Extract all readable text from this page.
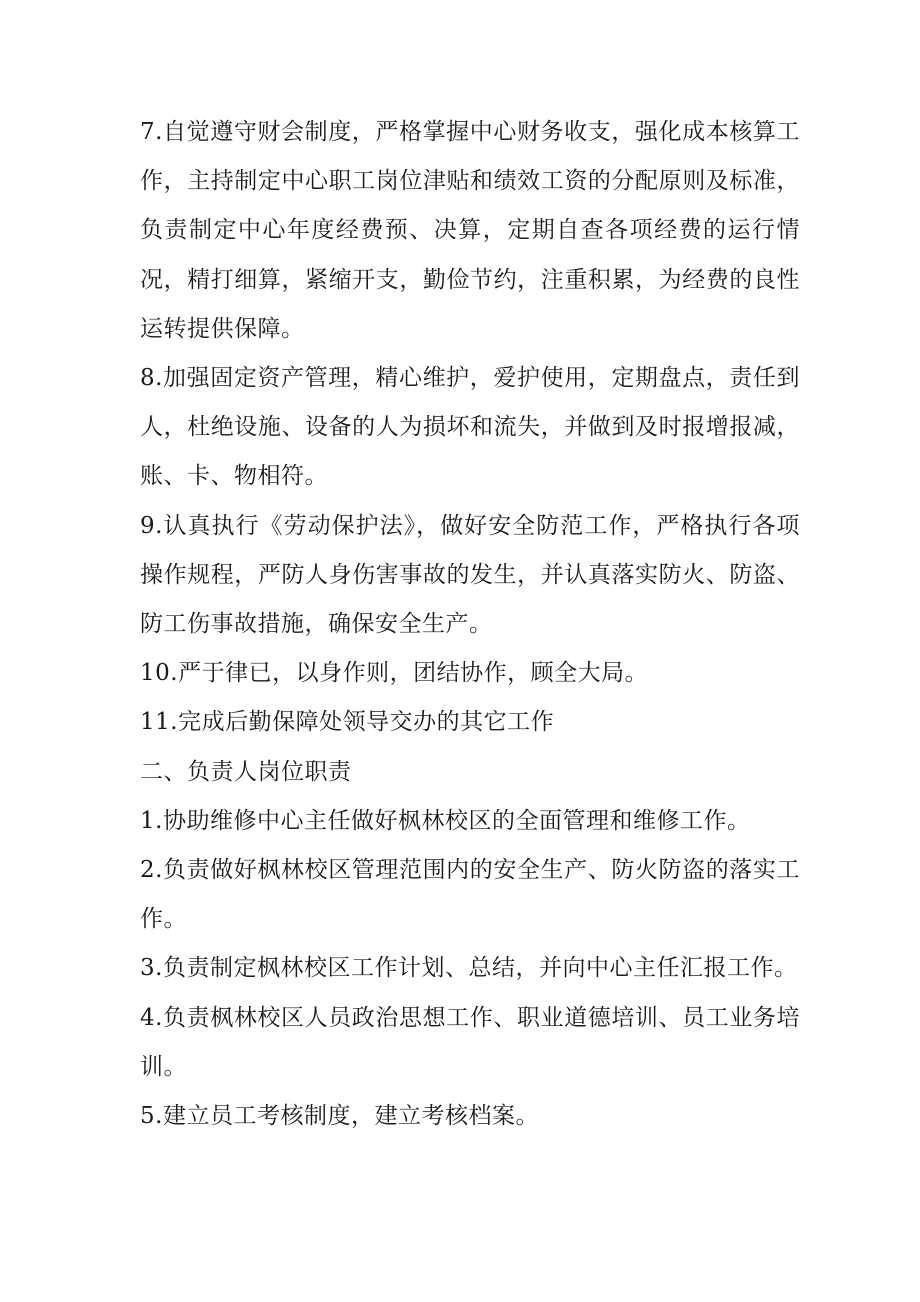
7.自觉遵守财会制度，严格掌握中心财务收支，强化成本核算工作，主持制定中心职工岗位津贴和绩效工资的分配原则及标准，负责制定中心年度经费预、决算，定期自查各项经费的运行情况，精打细算，紧缩开支，勤俭节约，注重积累，为经费的良性运转提供保障。

8.加强固定资产管理，精心维护，爱护使用，定期盘点，责任到人，杜绝设施、设备的人为损坏和流失，并做到及时报增报减，账、卡、物相符。

9.认真执行《劳动保护法》，做好安全防范工作，严格执行各项操作规程，严防人身伤害事故的发生，并认真落实防火、防盗、防工伤事故措施，确保安全生产。

10.严于律已，以身作则，团结协作，顾全大局。

11.完成后勤保障处领导交办的其它工作

二、负责人岗位职责

1.协助维修中心主任做好枫林校区的全面管理和维修工作。

2.负责做好枫林校区管理范围内的安全生产、防火防盗的落实工作。

3.负责制定枫林校区工作计划、总结，并向中心主任汇报工作。

4.负责枫林校区人员政治思想工作、职业道德培训、员工业务培训。

5.建立员工考核制度，建立考核档案。
